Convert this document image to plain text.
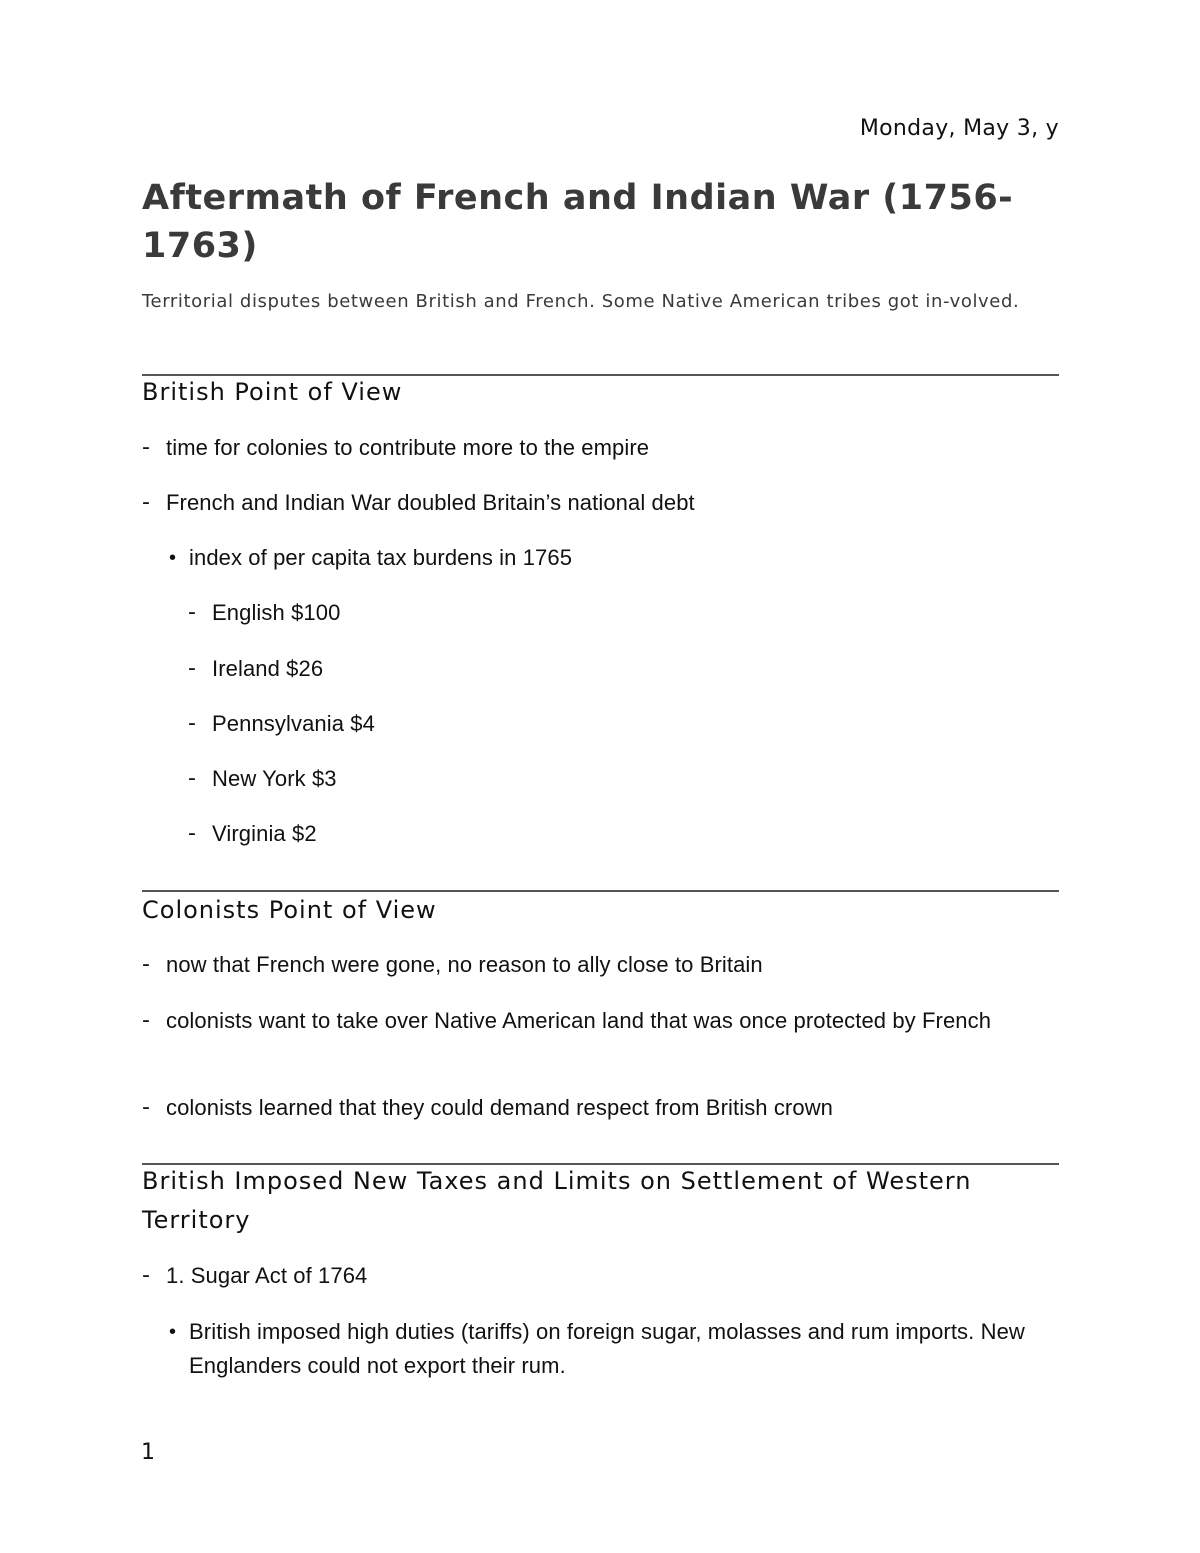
Monday, May 3, y
Aftermath of French and Indian War (1756-1763)

Territorial disputes between British and French. Some Native American tribes got in-volved.

British Point of View
- time for colonies to contribute more to the empire
- French and Indian War doubled Britain’s national debt
• index of per capita tax burdens in 1765
- English $100
- Ireland $26
- Pennsylvania $4
- New York $3
- Virginia $2
Colonists Point of View
- now that French were gone, no reason to ally close to Britain
- colonists want to take over Native American land that was once protected by French
- colonists learned that they could demand respect from British crown
British Imposed New Taxes and Limits on Settlement of Western Territory
- 1. Sugar Act of 1764
• British imposed high duties (tariffs) on foreign sugar, molasses and rum imports. New Englanders could not export their rum.
1
